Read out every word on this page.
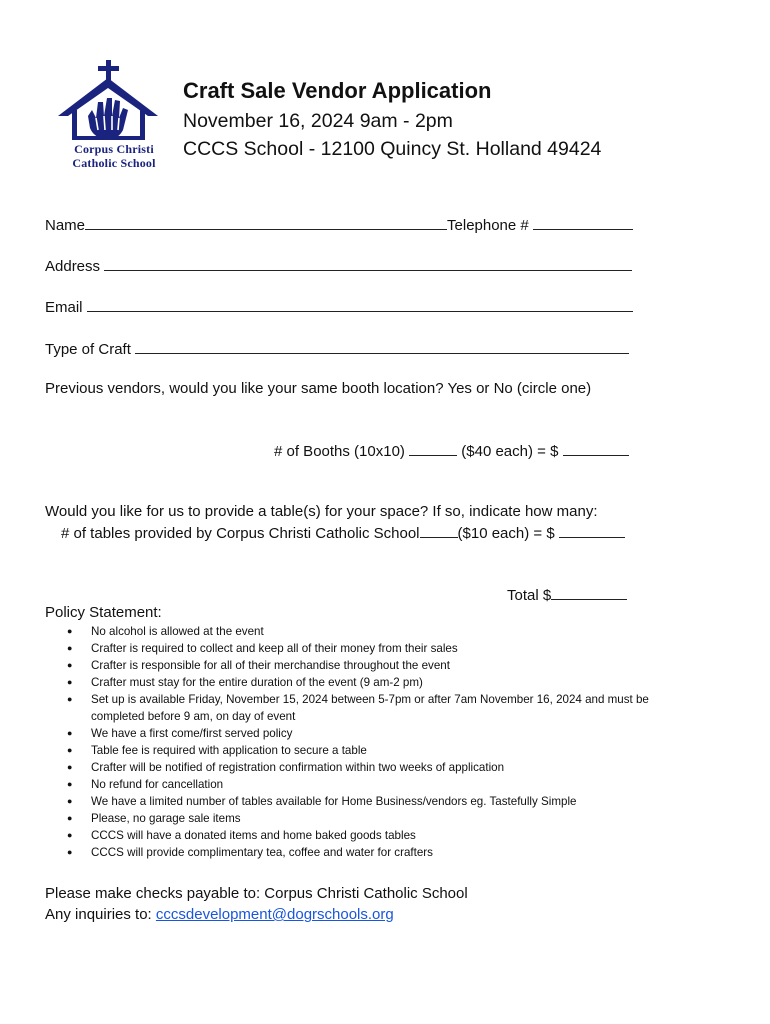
Corpus Christi
Catholic School
Craft Sale Vendor Application
November 16, 2024 9am - 2pm
CCCS School - 12100 Quincy St. Holland 49424
Name	Telephone #
Address
Email
Type of Craft
Previous vendors, would you like your same booth location? Yes or No (circle one)
# of Booths (10x10)	($40 each) = $
Would you like for us to provide a table(s) for your space? If so, indicate how many:
# of tables provided by Corpus Christi Catholic School	($10 each) = $
Total $
Policy Statement:
● No alcohol is allowed at the event
● Crafter is required to collect and keep all of their money from their sales
● Crafter is responsible for all of their merchandise throughout the event
● Crafter must stay for the entire duration of the event (9 am-2 pm)
● Set up is available Friday, November 15, 2024 between 5-7pm or after 7am November 16, 2024 and must be completed before 9 am, on day of event
● We have a first come/first served policy
● Table fee is required with application to secure a table
● Crafter will be notified of registration confirmation within two weeks of application
● No refund for cancellation
● We have a limited number of tables available for Home Business/vendors eg. Tastefully Simple
● Please, no garage sale items
● CCCS will have a donated items and home baked goods tables
● CCCS will provide complimentary tea, coffee and water for crafters
Please make checks payable to: Corpus Christi Catholic School
Any inquiries to: cccsdevelopment@dogrschools.org
